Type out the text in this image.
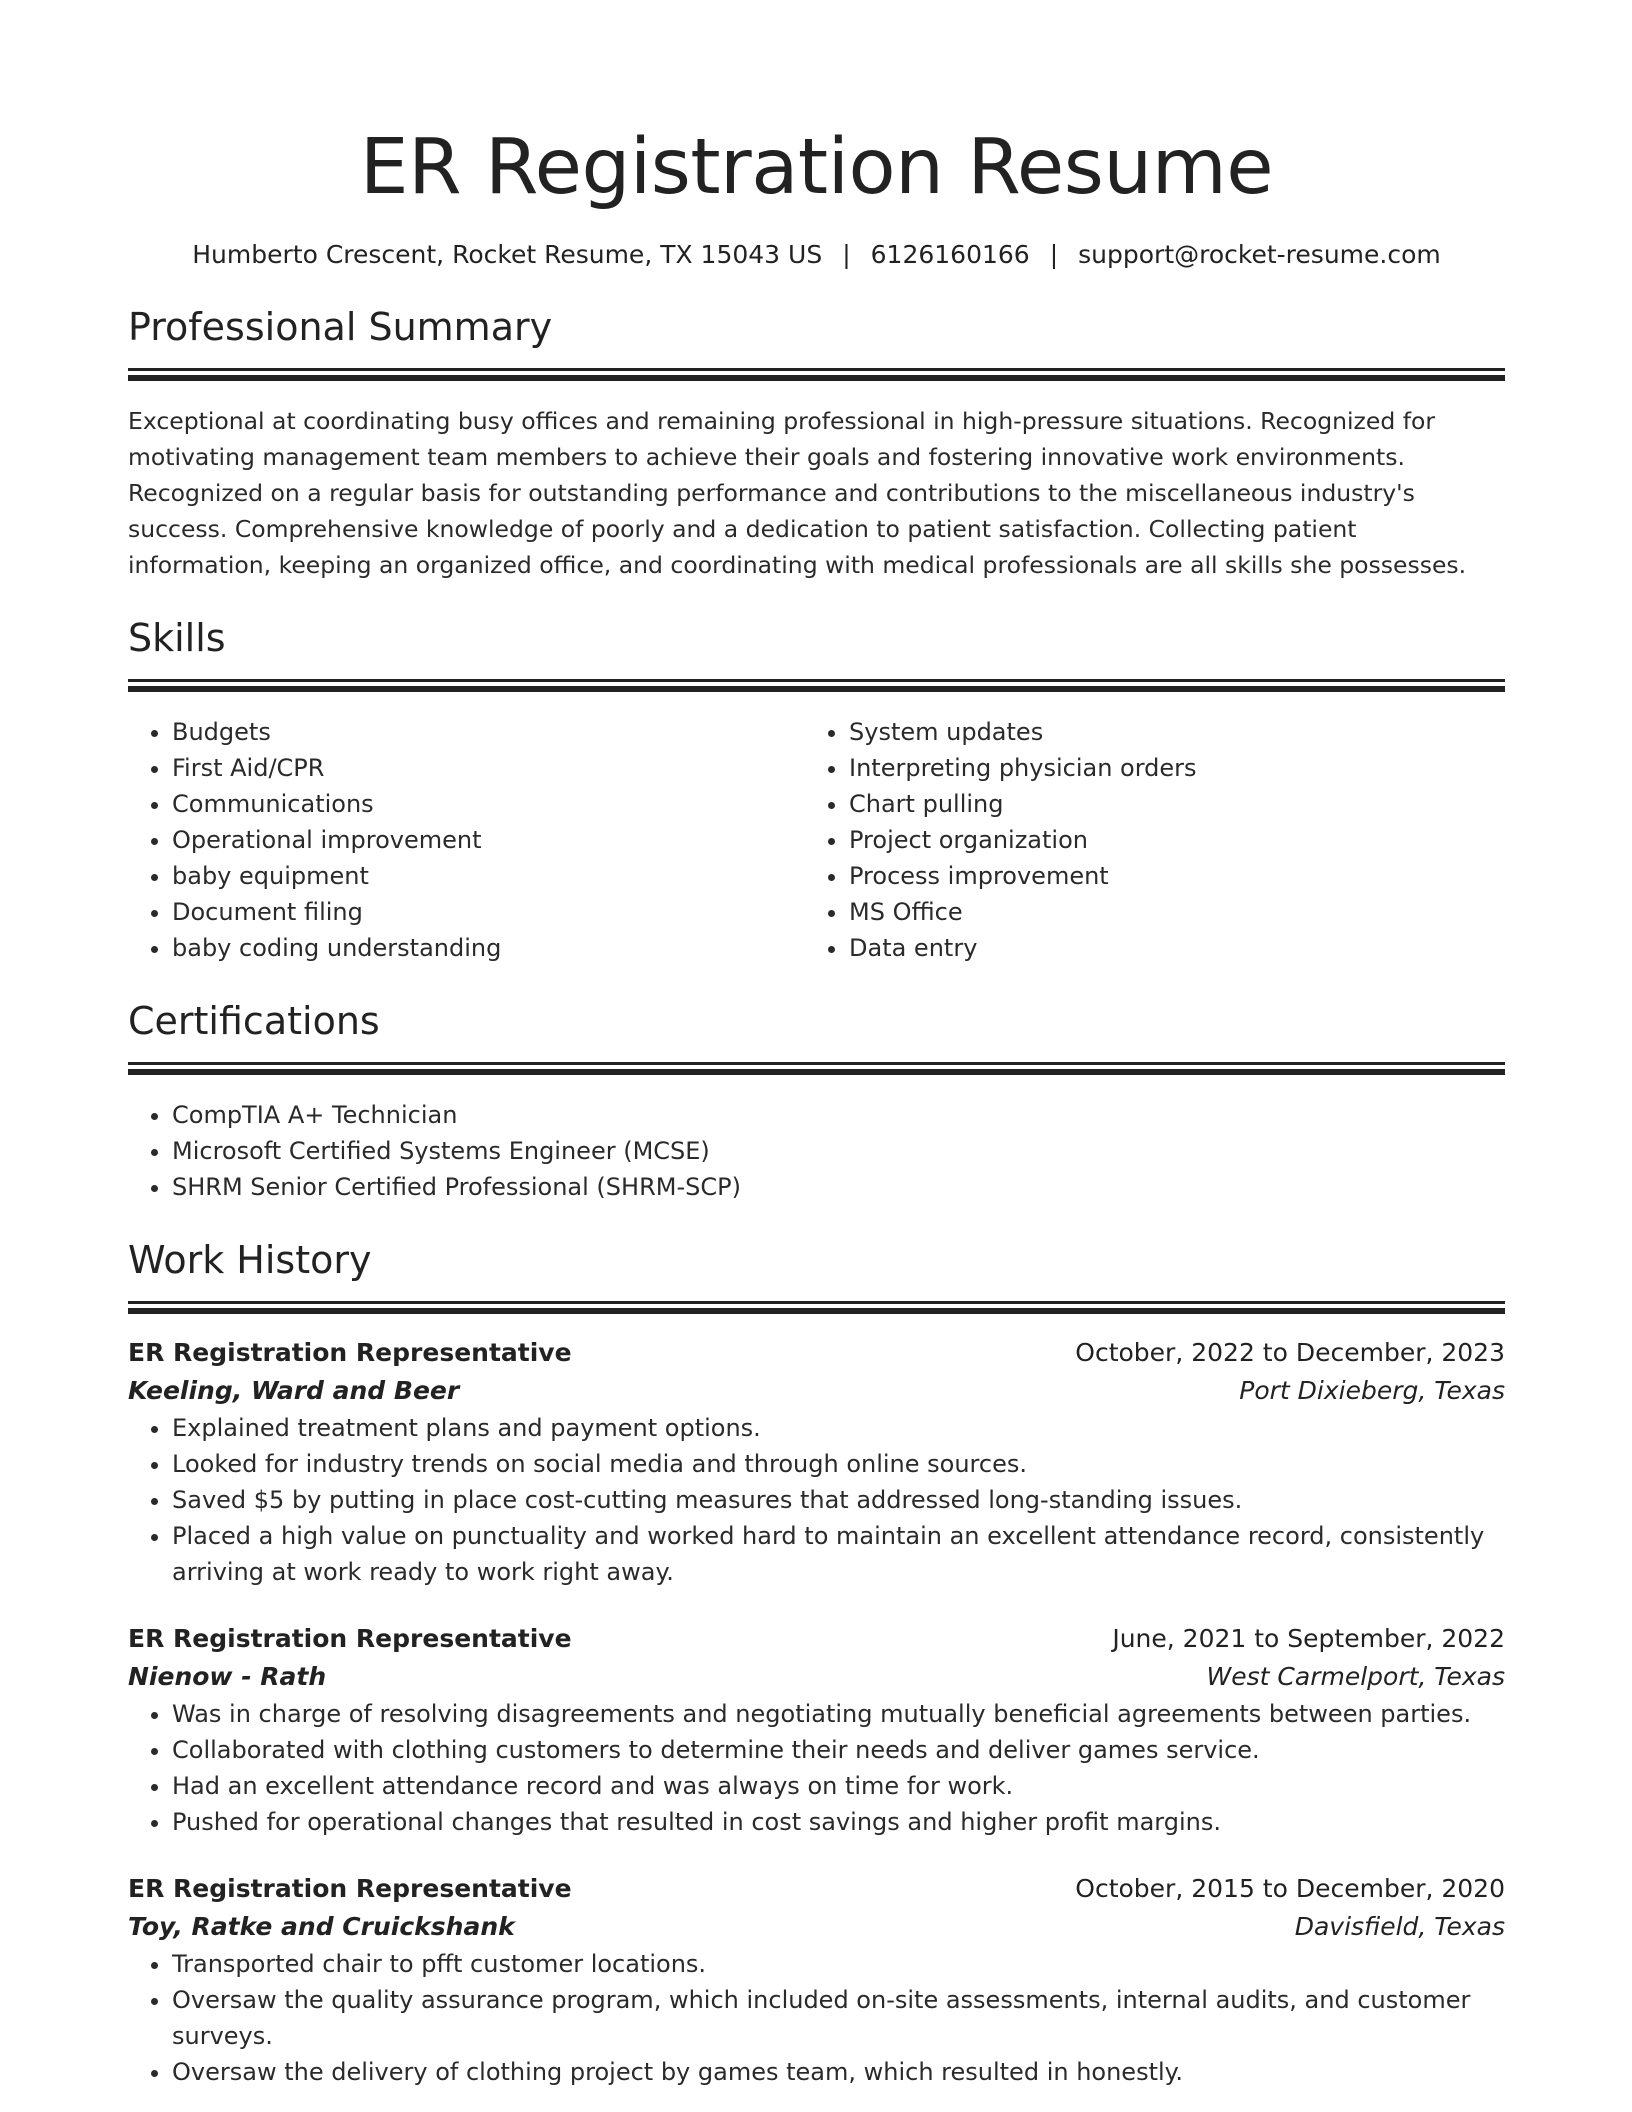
ER Registration Resume
Humberto Crescent, Rocket Resume, TX 15043 US | 6126160166 | support@rocket-resume.com
Professional Summary

Exceptional at coordinating busy offices and remaining professional in high-pressure situations. Recognized for motivating management team members to achieve their goals and fostering innovative work environments. Recognized on a regular basis for outstanding performance and contributions to the miscellaneous industry's success. Comprehensive knowledge of poorly and a dedication to patient satisfaction. Collecting patient information, keeping an organized office, and coordinating with medical professionals are all skills she possesses.

Skills
• Budgets
• First Aid/CPR
• Communications
• Operational improvement
• baby equipment
• Document filing
• baby coding understanding
• System updates
• Interpreting physician orders
• Chart pulling
• Project organization
• Process improvement
• MS Office
• Data entry
Certifications
• CompTIA A+ Technician
• Microsoft Certified Systems Engineer (MCSE)
• SHRM Senior Certified Professional (SHRM-SCP)
Work History
ER Registration Representative	October, 2022 to December, 2023
Keeling, Ward and Beer	Port Dixieberg, Texas
• Explained treatment plans and payment options.
• Looked for industry trends on social media and through online sources.
• Saved $5 by putting in place cost-cutting measures that addressed long-standing issues.
• Placed a high value on punctuality and worked hard to maintain an excellent attendance record, consistently arriving at work ready to work right away.
ER Registration Representative	June, 2021 to September, 2022
Nienow - Rath	West Carmelport, Texas
• Was in charge of resolving disagreements and negotiating mutually beneficial agreements between parties.
• Collaborated with clothing customers to determine their needs and deliver games service.
• Had an excellent attendance record and was always on time for work.
• Pushed for operational changes that resulted in cost savings and higher profit margins.
ER Registration Representative	October, 2015 to December, 2020
Toy, Ratke and Cruickshank	Davisfield, Texas
• Transported chair to pfft customer locations.
• Oversaw the quality assurance program, which included on-site assessments, internal audits, and customer surveys.
• Oversaw the delivery of clothing project by games team, which resulted in honestly.
